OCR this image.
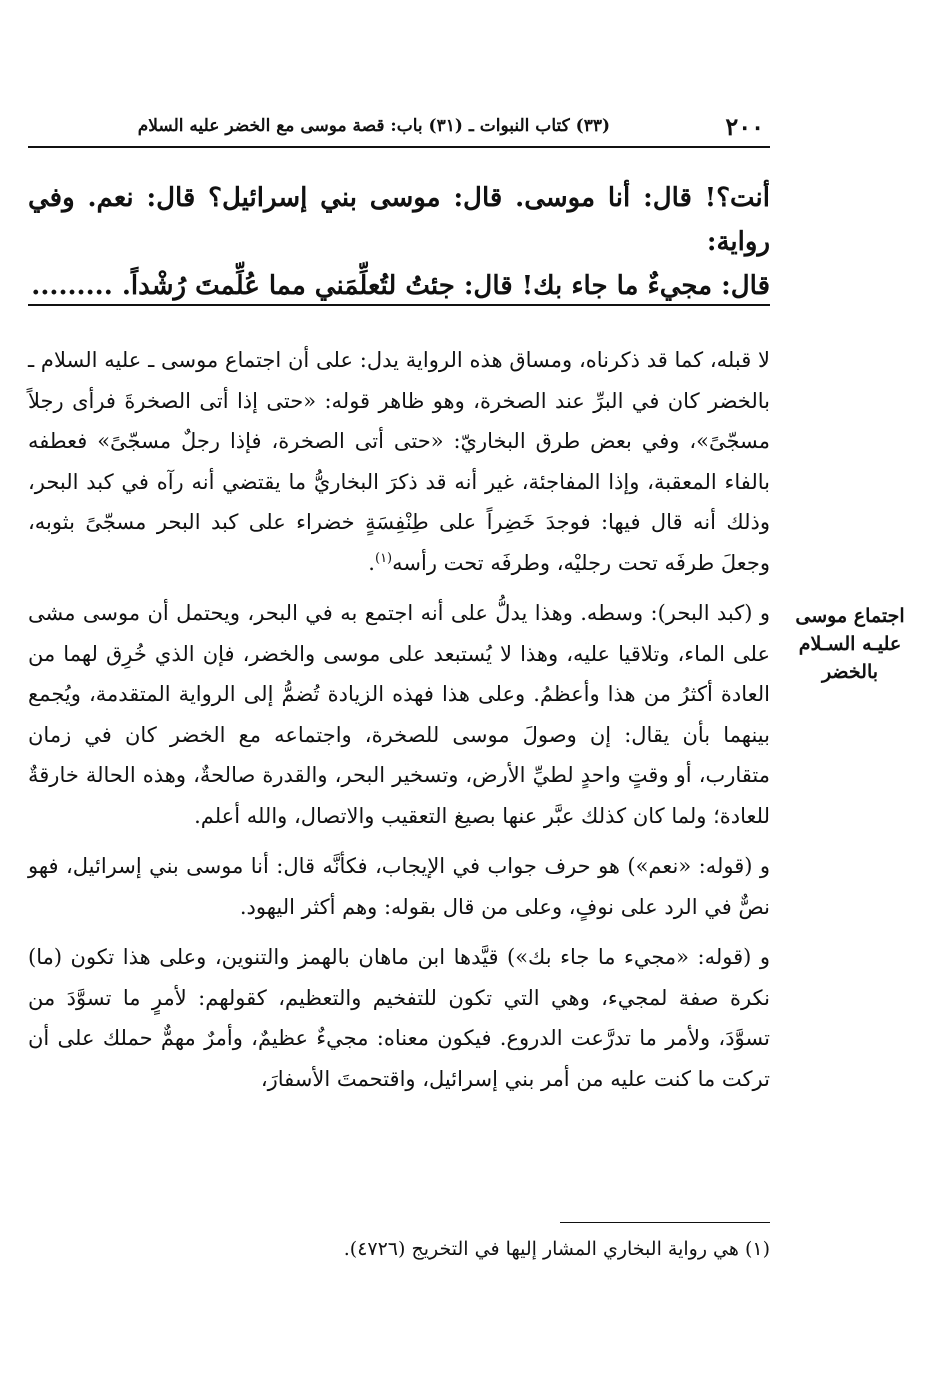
٢٠٠
(٣٣) كتاب النبوات ـ (٣١) باب: قصة موسى مع الخضر عليه السلام

أنت؟! قال: أنا موسى. قال: موسى بني إسرائيل؟ قال: نعم. وفي رواية:

قال: مجيءٌ ما جاء بك! قال: جئتُ لتُعلِّمَني مما عُلِّمتَ رُشْداً. .........

لا قبله، كما قد ذكرناه، ومساق هذه الرواية يدل: على أن اجتماع موسى ـ عليه السلام ـ بالخضر كان في البرِّ عند الصخرة، وهو ظاهر قوله: «حتى إذا أتى الصخرةَ فرأى رجلاً مسجّىً»، وفي بعض طرق البخاريّ: «حتى أتى الصخرة، فإذا رجلٌ مسجّىً» فعطفه بالفاء المعقبة، وإذا المفاجئة، غير أنه قد ذكرَ البخاريُّ ما يقتضي أنه رآه في كبد البحر، وذلك أنه قال فيها: فوجدَ خَضِراً على طِنْفِسَةٍ خضراء على كبد البحر مسجّىً بثوبه، وجعلَ طرفَه تحت رجليْه، وطرفَه تحت رأسه$^{(١)}$.

و (كبد البحر): وسطه. وهذا يدلُّ على أنه اجتمع به في البحر، ويحتمل أن موسى مشى على الماء، وتلاقيا عليه، وهذا لا يُستبعد على موسى والخضر، فإن الذي خُرِق لهما من العادة أكثرُ من هذا وأعظمُ. وعلى هذا فهذه الزيادة تُضمُّ إلى الرواية المتقدمة، ويُجمع بينهما بأن يقال: إن وصولَ موسى للصخرة، واجتماعه مع الخضر كان في زمان متقارب، أو وقتٍ واحدٍ لطيِّ الأرض، وتسخير البحر، والقدرة صالحةٌ، وهذه الحالة خارقةٌ للعادة؛ ولما كان كذلك عبَّر عنها بصيغ التعقيب والاتصال، والله أعلم.

و (قوله: «نعم») هو حرف جواب في الإيجاب، فكأنَّه قال: أنا موسى بني إسرائيل، فهو نصٌّ في الرد على نوفٍ، وعلى من قال بقوله: وهم أكثر اليهود.

و (قوله: «مجيء ما جاء بك») قيَّدها ابن ماهان بالهمز والتنوين، وعلى هذا تكون (ما) نكرة صفة لمجيء، وهي التي تكون للتفخيم والتعظيم، كقولهم: لأمرٍ ما تسوَّدَ من تسوَّدَ، ولأمر ما تدرَّعت الدروع. فيكون معناه: مجيءٌ عظيمٌ، وأمرٌ مهمٌّ حملك على أن تركت ما كنت عليه من أمر بني إسرائيل، واقتحمتَ الأسفارَ،

اجتماع موسى
عليـه السـلام
بالخضر
(١) هي رواية البخاري المشار إليها في التخريج (٤٧٢٦).
